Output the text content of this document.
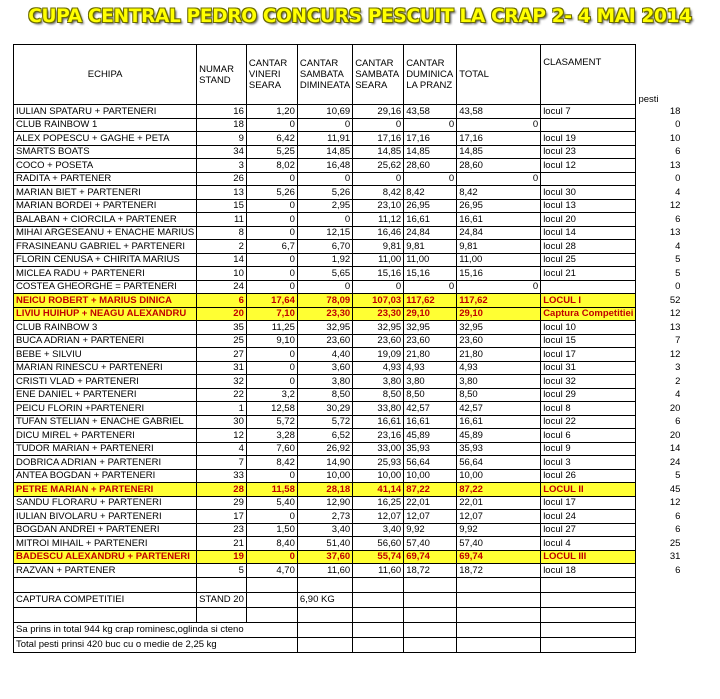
CUPA CENTRAL PEDRO CONCURS PESCUIT LA CRAP 2- 4 MAI 2014
ECHIPA	NUMAR STAND	CANTAR VINERI SEARA	CANTAR SAMBATA DIMINEATA	CANTAR SAMBATA SEARA	CANTAR DUMINICA LA PRANZ	TOTAL	CLASAMENT	pesti
IULIAN SPATARU + PARTENERI	16	1,20	10,69	29,16	43,58	43,58	locul 7	18
CLUB RAINBOW 1	18	0	0	0	0	0		0
ALEX POPESCU + GAGHE + PETA	9	6,42	11,91	17,16	17,16	17,16	locul 19	10
SMARTS BOATS	34	5,25	14,85	14,85	14,85	14,85	locul 23	6
COCO + POSETA	3	8,02	16,48	25,62	28,60	28,60	locul 12	13
RADITA + PARTENER	26	0	0	0	0	0		0
MARIAN BIET + PARTENERI	13	5,26	5,26	8,42	8,42	8,42	locul 30	4
MARIAN BORDEI + PARTENERI	15	0	2,95	23,10	26,95	26,95	locul 13	12
BALABAN + CIORCILA + PARTENER	11	0	0	11,12	16,61	16,61	locul 20	6
MIHAI ARGESEANU + ENACHE MARIUS	8	0	12,15	16,46	24,84	24,84	locul 14	13
FRASINEANU GABRIEL + PARTENERI	2	6,7	6,70	9,81	9,81	9,81	locul 28	4
FLORIN CENUSA + CHIRITA MARIUS	14	0	1,92	11,00	11,00	11,00	locul 25	5
MICLEA RADU + PARTENERI	10	0	5,65	15,16	15,16	15,16	locul 21	5
COSTEA GHEORGHE = PARTENERI	24	0	0	0	0	0		0
NEICU ROBERT + MARIUS DINICA	6	17,64	78,09	107,03	117,62	117,62	LOCUL I	52
LIVIU HUIHUP + NEAGU ALEXANDRU	20	7,10	23,30	23,30	29,10	29,10	Captura Competitiei	12
CLUB RAINBOW 3	35	11,25	32,95	32,95	32,95	32,95	locul 10	13
BUCA ADRIAN + PARTENERI	25	9,10	23,60	23,60	23,60	23,60	locul 15	7
BEBE + SILVIU	27	0	4,40	19,09	21,80	21,80	locul 17	12
MARIAN RINESCU + PARTENERI	31	0	3,60	4,93	4,93	4,93	locul 31	3
CRISTI VLAD + PARTENERI	32	0	3,80	3,80	3,80	3,80	locul 32	2
ENE DANIEL + PARTENERI	22	3,2	8,50	8,50	8,50	8,50	locul 29	4
PEICU FLORIN +PARTENERI	1	12,58	30,29	33,80	42,57	42,57	locul 8	20
TUFAN STELIAN + ENACHE GABRIEL	30	5,72	5,72	16,61	16,61	16,61	locul 22	6
DICU MIREL + PARTENERI	12	3,28	6,52	23,16	45,89	45,89	locul 6	20
TUDOR MARIAN + PARTENERI	4	7,60	26,92	33,00	35,93	35,93	locul 9	14
DOBRICA ADRIAN + PARTENERI	7	8,42	14,90	25,93	56,64	56,64	locul 3	24
ANTEA BOGDAN + PARTENERI	33	0	10,00	10,00	10,00	10,00	locul 26	5
PETRE MARIAN + PARTENERI	28	11,58	28,18	41,14	87,22	87,22	LOCUL II	45
SANDU FLORARU + PARTENERI	29	5,40	12,90	16,25	22,01	22,01	locul 17	12
IULIAN BIVOLARU + PARTENERI	17	0	2,73	12,07	12,07	12,07	locul 24	6
BOGDAN ANDREI + PARTENERI	23	1,50	3,40	3,40	9,92	9,92	locul 27	6
MITROI MIHAIL + PARTENERI	21	8,40	51,40	56,60	57,40	57,40	locul 4	25
BADESCU ALEXANDRU + PARTENERI	19	0	37,60	55,74	69,74	69,74	LOCUL III	31
RAZVAN + PARTENER	5	4,70	11,60	11,60	18,72	18,72	locul 18	6

CAPTURA COMPETITIEI	STAND 20		6,90 KG					

Sa prins in total 944 kg crap rominesc,oglinda si cteno								
Total pesti prinsi 420 buc cu o medie de 2,25 kg								
